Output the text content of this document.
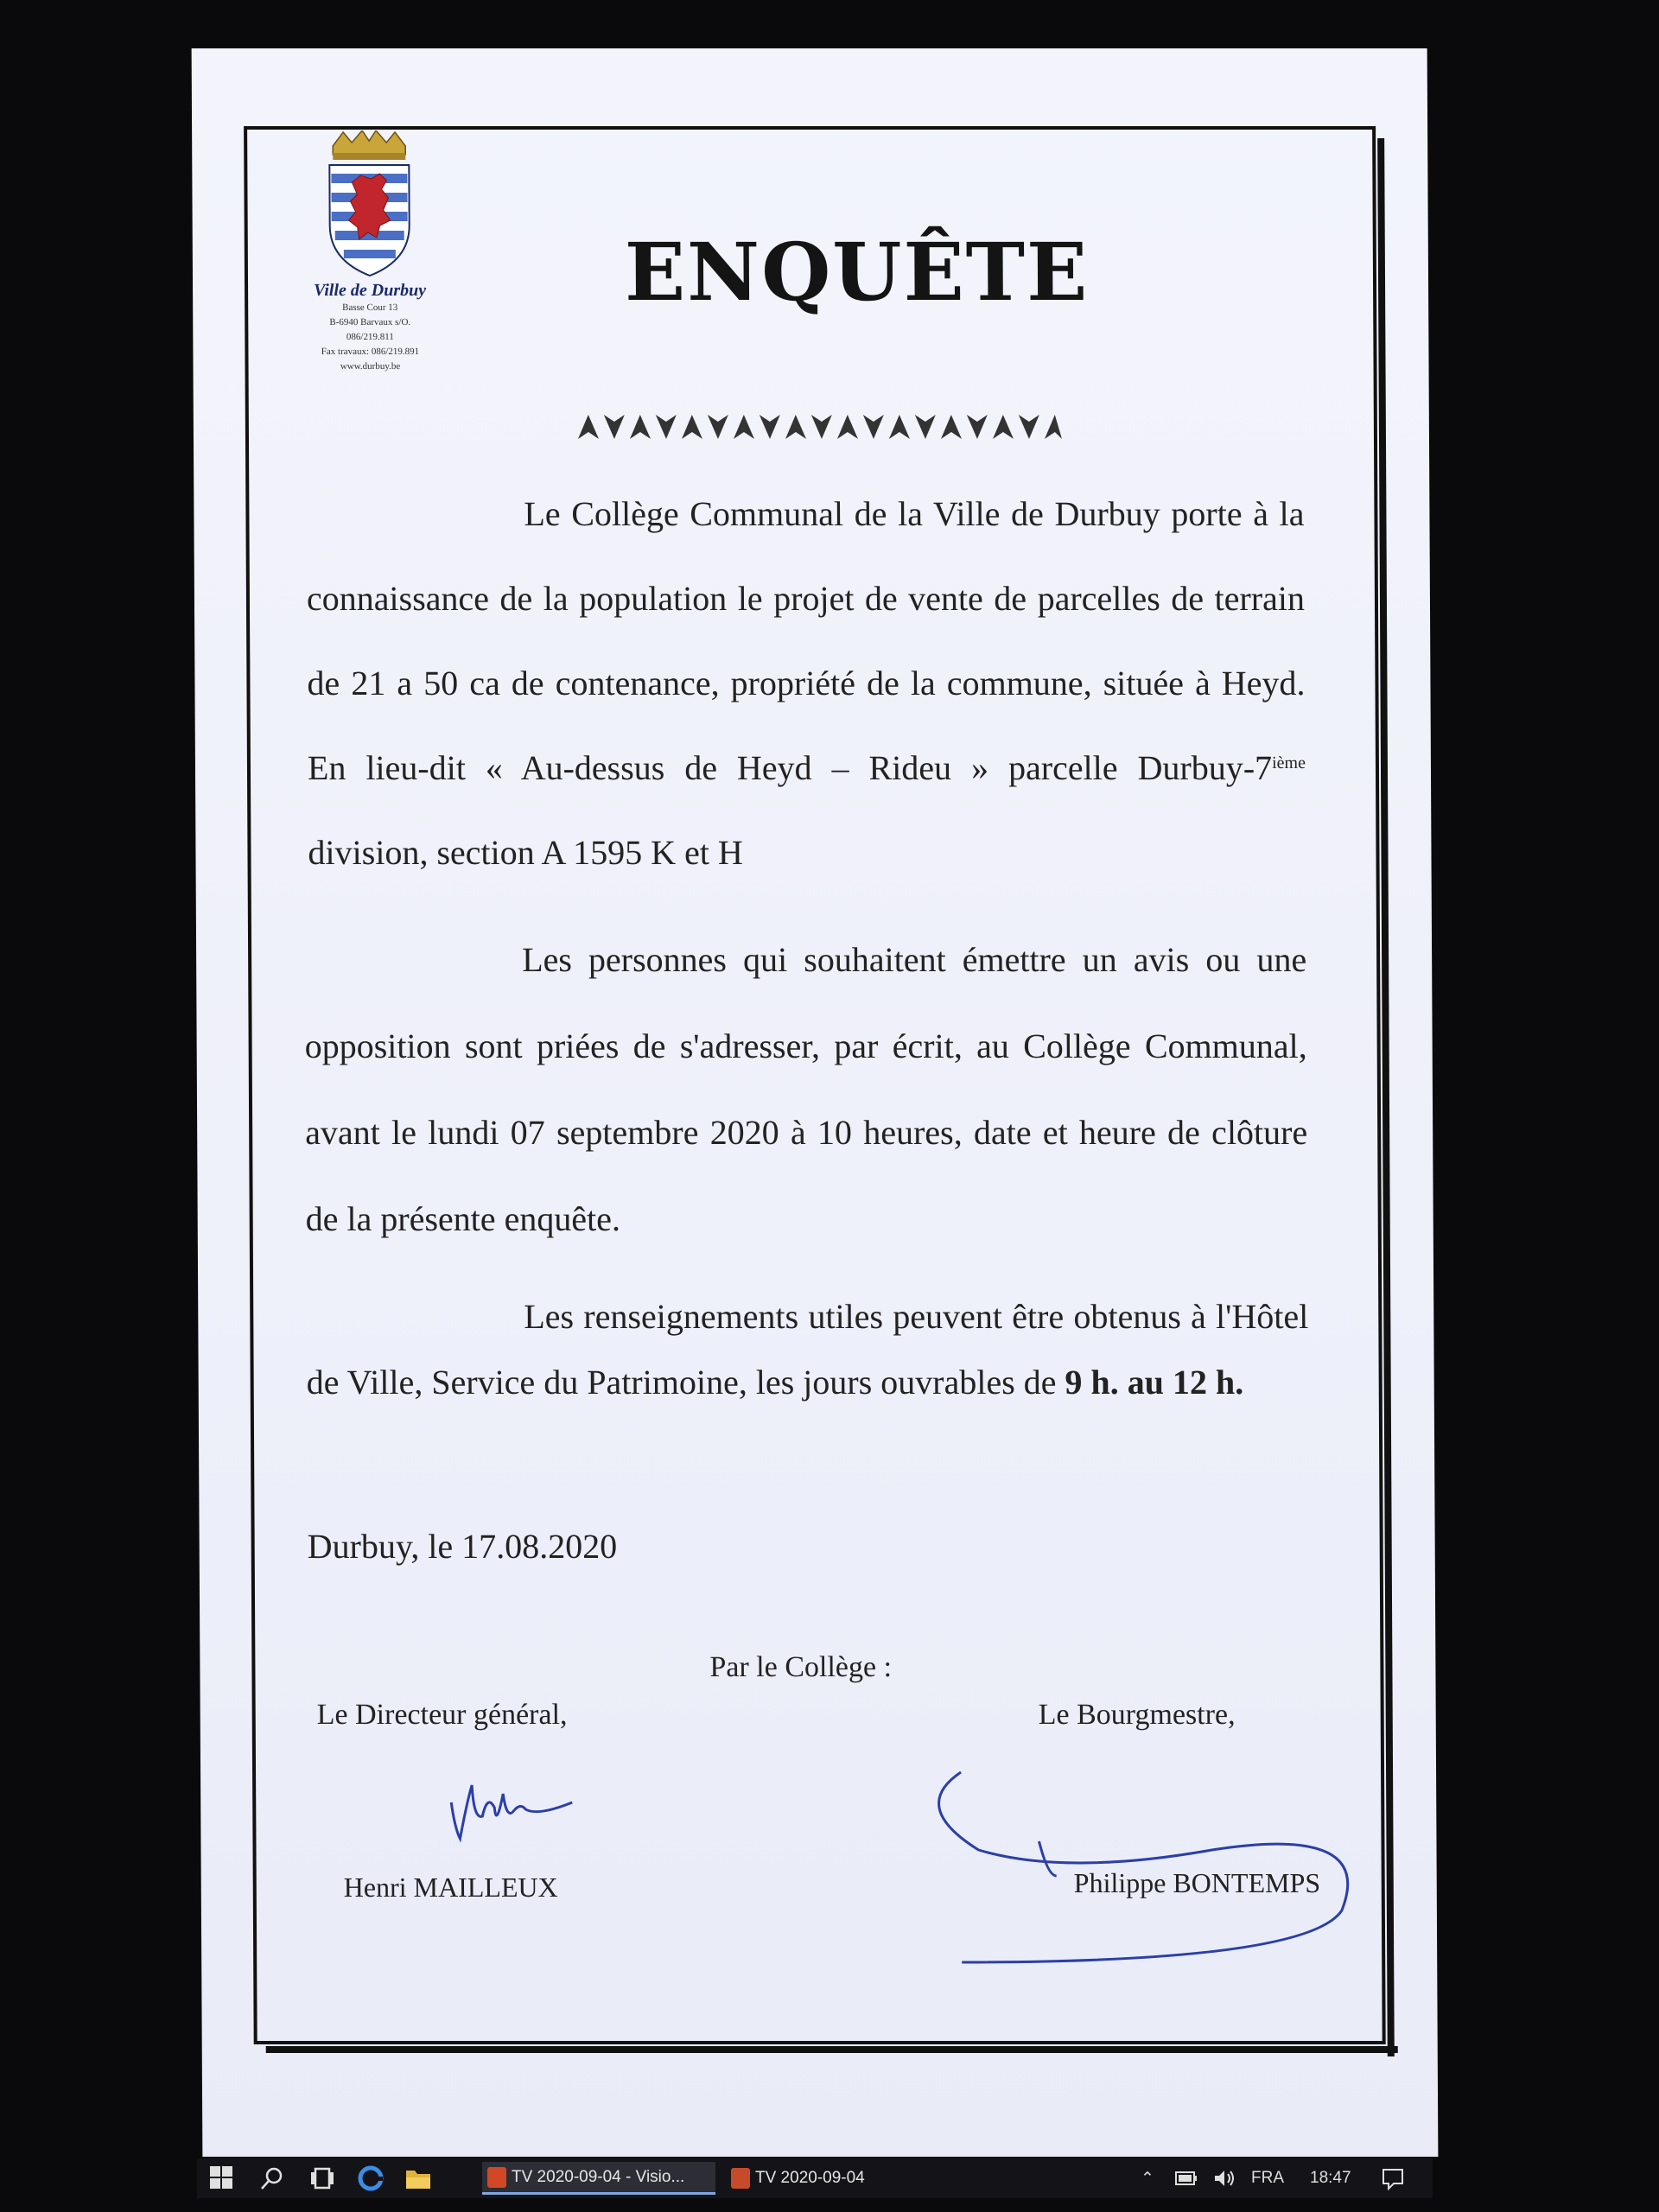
Ville de Durbuy
Basse Cour 13
B-6940 Barvaux s/O.
086/219.811
Fax travaux: 086/219.891
www.durbuy.be
ENQUÊTE
Le Collège Communal de la Ville de Durbuy porte à la connaissance de la population le projet de vente de parcelles de terrain de 21 a 50 ca de contenance, propriété de la commune, située à Heyd. En lieu-dit « Au-dessus de Heyd – Rideu » parcelle Durbuy-7ième division, section A 1595 K et H
Les personnes qui souhaitent émettre un avis ou une opposition sont priées de s'adresser, par écrit, au Collège Communal, avant le lundi 07 septembre 2020 à 10 heures, date et heure de clôture de la présente enquête.
Les renseignements utiles peuvent être obtenus à l'Hôtel de Ville, Service du Patrimoine, les jours ouvrables de 9 h. au 12 h.
Durbuy, le 17.08.2020
Par le Collège :
Le Directeur général,	Le Bourgmestre,
Henri MAILLEUX	Philippe BONTEMPS
TV 2020-09-04 - Visio...	TV 2020-09-04	⌃	FRA 18:47
